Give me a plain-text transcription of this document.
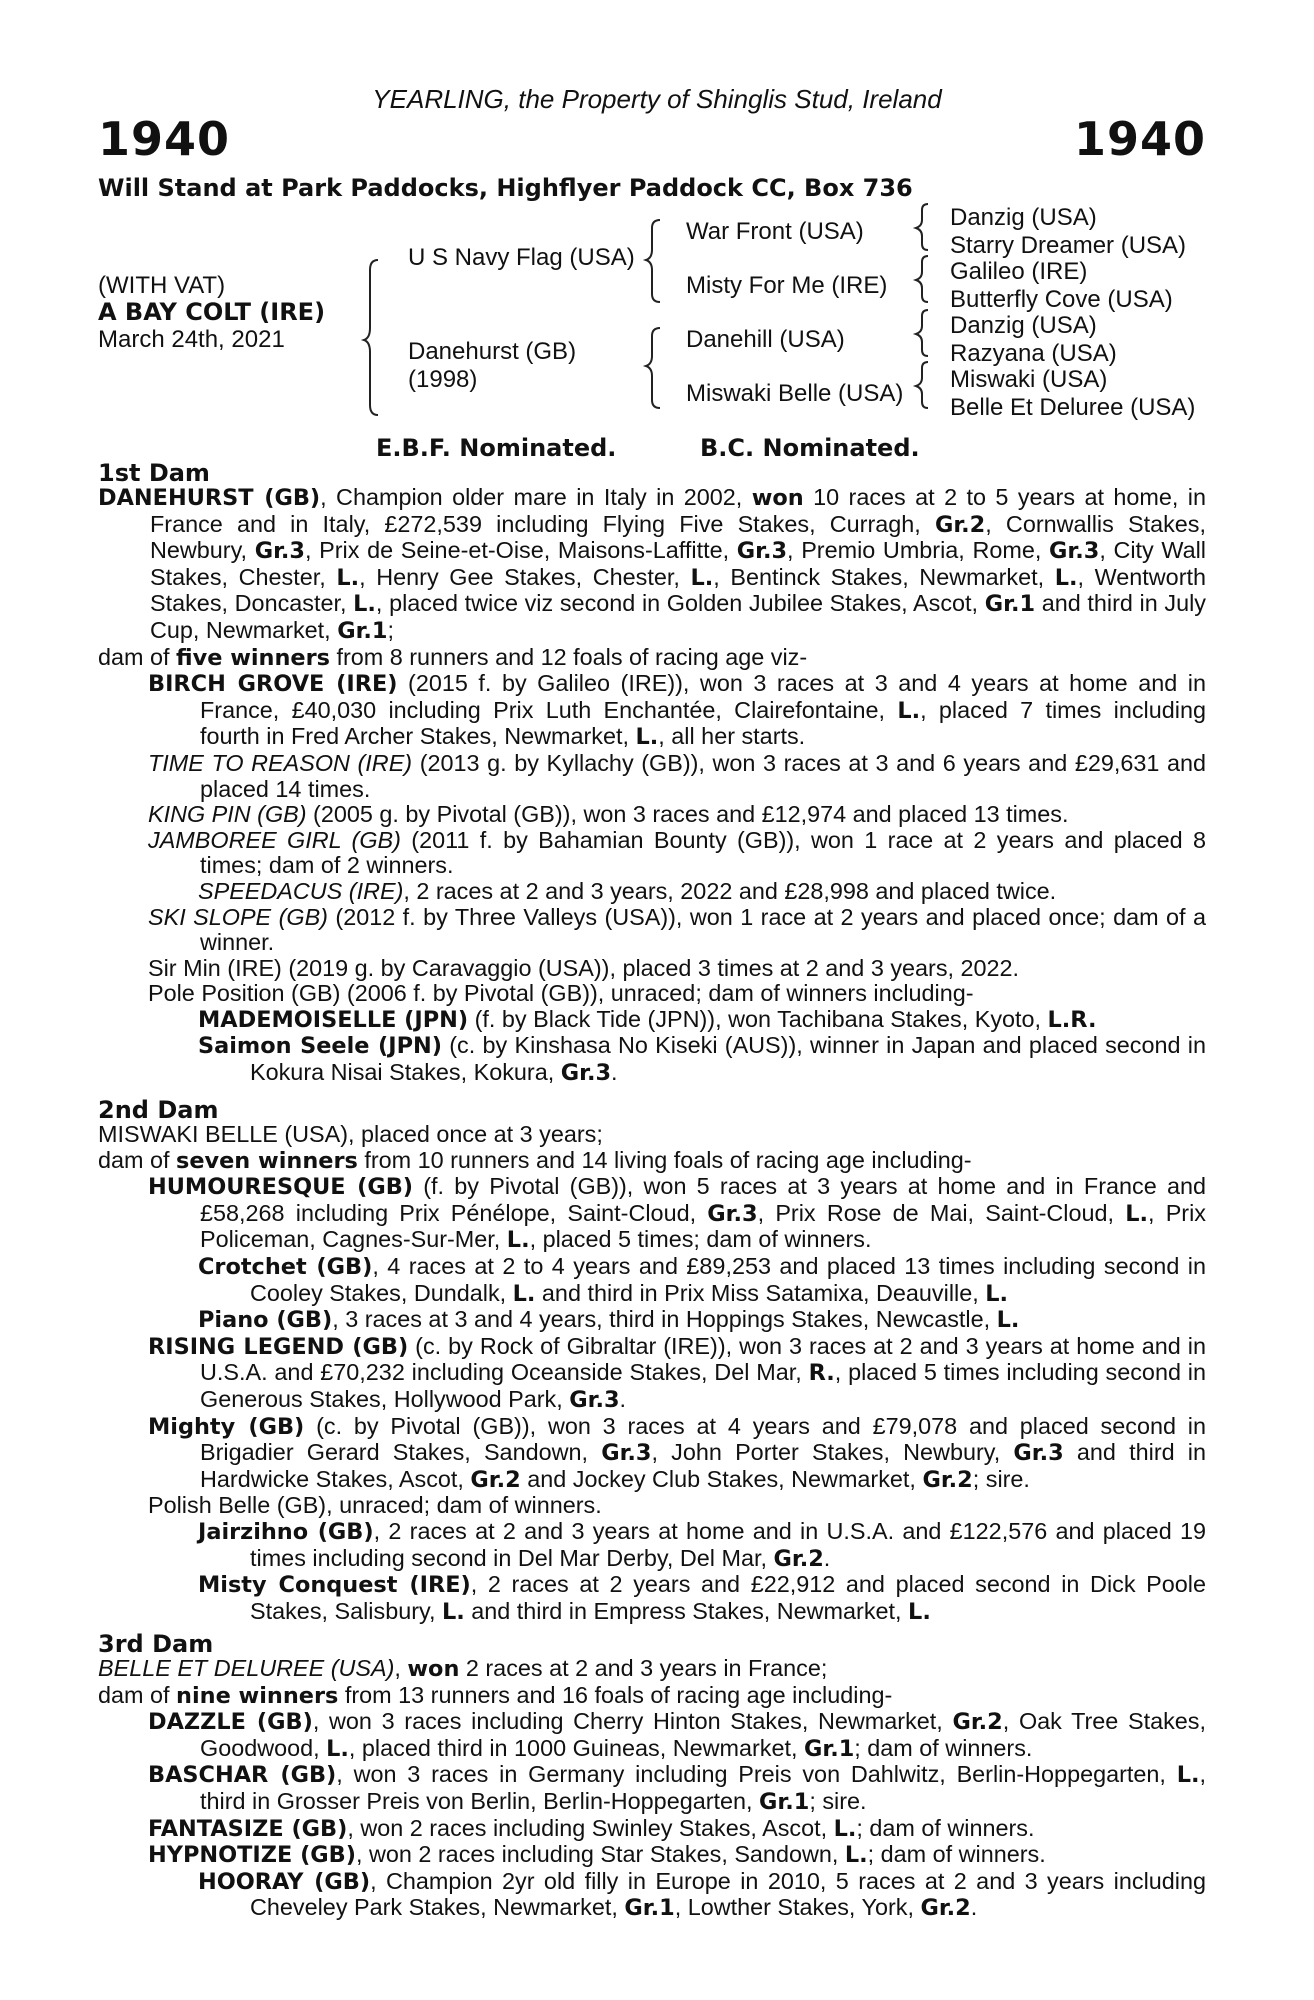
YEARLING, the Property of Shinglis Stud, Ireland
1940	1940
Will Stand at Park Paddocks, Highflyer Paddock CC, Box 736
(WITH VAT)
A BAY COLT (IRE)
March 24th, 2021
U S Navy Flag (USA)
Danehurst (GB)
(1998)
War Front (USA)
Misty For Me (IRE)
Danehill (USA)
Miswaki Belle (USA)
Danzig (USA)
Starry Dreamer (USA)
Galileo (IRE)
Butterfly Cove (USA)
Danzig (USA)
Razyana (USA)
Miswaki (USA)
Belle Et Deluree (USA)
E.B.F. Nominated.	B.C. Nominated.
1st Dam

DANEHURST (GB), Champion older mare in Italy in 2002, won 10 races at 2 to 5 years at home, in France and in Italy, £272,539 including Flying Five Stakes, Curragh, Gr.2, Cornwallis Stakes, Newbury, Gr.3, Prix de Seine-et-Oise, Maisons-Laffitte, Gr.3, Premio Umbria, Rome, Gr.3, City Wall Stakes, Chester, L., Henry Gee Stakes, Chester, L., Bentinck Stakes, Newmarket, L., Wentworth Stakes, Doncaster, L., placed twice viz second in Golden Jubilee Stakes, Ascot, Gr.1 and third in July Cup, Newmarket, Gr.1;

dam of five winners from 8 runners and 12 foals of racing age viz-

BIRCH GROVE (IRE) (2015 f. by Galileo (IRE)), won 3 races at 3 and 4 years at home and in France, £40,030 including Prix Luth Enchantée, Clairefontaine, L., placed 7 times including fourth in Fred Archer Stakes, Newmarket, L., all her starts.

TIME TO REASON (IRE) (2013 g. by Kyllachy (GB)), won 3 races at 3 and 6 years and £29,631 and placed 14 times.

KING PIN (GB) (2005 g. by Pivotal (GB)), won 3 races and £12,974 and placed 13 times.

JAMBOREE GIRL (GB) (2011 f. by Bahamian Bounty (GB)), won 1 race at 2 years and placed 8 times; dam of 2 winners.

SPEEDACUS (IRE), 2 races at 2 and 3 years, 2022 and £28,998 and placed twice.

SKI SLOPE (GB) (2012 f. by Three Valleys (USA)), won 1 race at 2 years and placed once; dam of a winner.

Sir Min (IRE) (2019 g. by Caravaggio (USA)), placed 3 times at 2 and 3 years, 2022.

Pole Position (GB) (2006 f. by Pivotal (GB)), unraced; dam of winners including-

MADEMOISELLE (JPN) (f. by Black Tide (JPN)), won Tachibana Stakes, Kyoto, L.R.

Saimon Seele (JPN) (c. by Kinshasa No Kiseki (AUS)), winner in Japan and placed second in Kokura Nisai Stakes, Kokura, Gr.3.

2nd Dam

MISWAKI BELLE (USA), placed once at 3 years;

dam of seven winners from 10 runners and 14 living foals of racing age including-

HUMOURESQUE (GB) (f. by Pivotal (GB)), won 5 races at 3 years at home and in France and £58,268 including Prix Pénélope, Saint-Cloud, Gr.3, Prix Rose de Mai, Saint-Cloud, L., Prix Policeman, Cagnes-Sur-Mer, L., placed 5 times; dam of winners.

Crotchet (GB), 4 races at 2 to 4 years and £89,253 and placed 13 times including second in Cooley Stakes, Dundalk, L. and third in Prix Miss Satamixa, Deauville, L.

Piano (GB), 3 races at 3 and 4 years, third in Hoppings Stakes, Newcastle, L.

RISING LEGEND (GB) (c. by Rock of Gibraltar (IRE)), won 3 races at 2 and 3 years at home and in U.S.A. and £70,232 including Oceanside Stakes, Del Mar, R., placed 5 times including second in Generous Stakes, Hollywood Park, Gr.3.

Mighty (GB) (c. by Pivotal (GB)), won 3 races at 4 years and £79,078 and placed second in Brigadier Gerard Stakes, Sandown, Gr.3, John Porter Stakes, Newbury, Gr.3 and third in Hardwicke Stakes, Ascot, Gr.2 and Jockey Club Stakes, Newmarket, Gr.2; sire.

Polish Belle (GB), unraced; dam of winners.

Jairzihno (GB), 2 races at 2 and 3 years at home and in U.S.A. and £122,576 and placed 19 times including second in Del Mar Derby, Del Mar, Gr.2.

Misty Conquest (IRE), 2 races at 2 years and £22,912 and placed second in Dick Poole Stakes, Salisbury, L. and third in Empress Stakes, Newmarket, L.

3rd Dam

BELLE ET DELUREE (USA), won 2 races at 2 and 3 years in France;

dam of nine winners from 13 runners and 16 foals of racing age including-

DAZZLE (GB), won 3 races including Cherry Hinton Stakes, Newmarket, Gr.2, Oak Tree Stakes, Goodwood, L., placed third in 1000 Guineas, Newmarket, Gr.1; dam of winners.

BASCHAR (GB), won 3 races in Germany including Preis von Dahlwitz, Berlin-Hoppegarten, L., third in Grosser Preis von Berlin, Berlin-Hoppegarten, Gr.1; sire.

FANTASIZE (GB), won 2 races including Swinley Stakes, Ascot, L.; dam of winners.

HYPNOTIZE (GB), won 2 races including Star Stakes, Sandown, L.; dam of winners.

HOORAY (GB), Champion 2yr old filly in Europe in 2010, 5 races at 2 and 3 years including Cheveley Park Stakes, Newmarket, Gr.1, Lowther Stakes, York, Gr.2.
